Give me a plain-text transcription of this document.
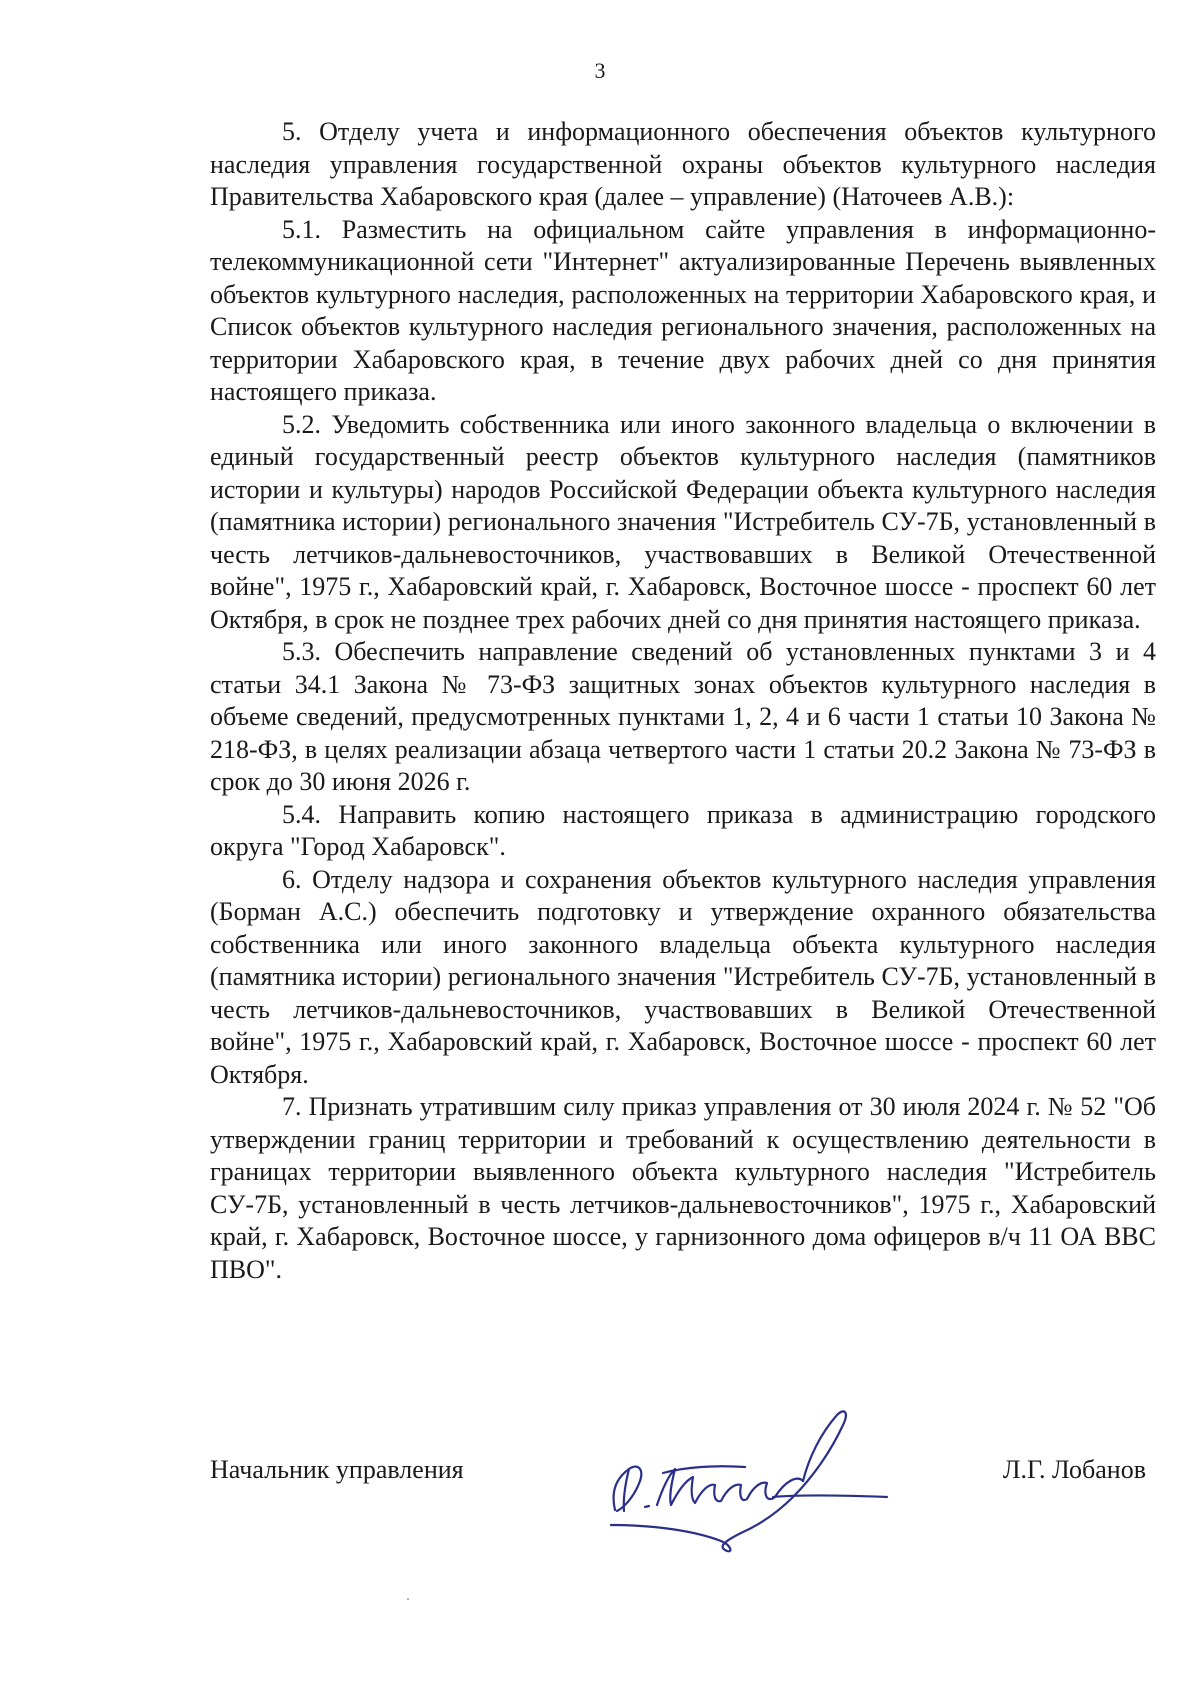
3

5. Отделу учета и информационного обеспечения объектов культурного наследия управления государственной охраны объектов культурного наследия Правительства Хабаровского края (далее – управление) (Наточеев А.В.):

5.1. Разместить на официальном сайте управления в информационно-телекоммуникационной сети "Интернет" актуализированные Перечень выявленных объектов культурного наследия, расположенных на территории Хабаровского края, и Список объектов культурного наследия регионального значения, расположенных на территории Хабаровского края, в течение двух рабочих дней со дня принятия настоящего приказа.

5.2. Уведомить собственника или иного законного владельца о включении в единый государственный реестр объектов культурного наследия (памятников истории и культуры) народов Российской Федерации объекта культурного наследия (памятника истории) регионального значения "Истребитель СУ-7Б, установленный в честь летчиков-дальневосточников, участвовавших в Великой Отечественной войне", 1975 г., Хабаровский край, г. Хабаровск, Восточное шоссе - проспект 60 лет Октября, в срок не позднее трех рабочих дней со дня принятия настоящего приказа.

5.3. Обеспечить направление сведений об установленных пунктами 3 и 4 статьи 34.1 Закона № 73-ФЗ защитных зонах объектов культурного наследия в объеме сведений, предусмотренных пунктами 1, 2, 4 и 6 части 1 статьи 10 Закона № 218-ФЗ, в целях реализации абзаца четвертого части 1 статьи 20.2 Закона № 73-ФЗ в срок до 30 июня 2026 г.

5.4. Направить копию настоящего приказа в администрацию городского округа "Город Хабаровск".

6. Отделу надзора и сохранения объектов культурного наследия управления (Борман А.С.) обеспечить подготовку и утверждение охранного обязательства собственника или иного законного владельца объекта культурного наследия (памятника истории) регионального значения "Истребитель СУ-7Б, установленный в честь летчиков-дальневосточников, участвовавших в Великой Отечественной войне", 1975 г., Хабаровский край, г. Хабаровск, Восточное шоссе - проспект 60 лет Октября.

7. Признать утратившим силу приказ управления от 30 июля 2024 г. № 52 "Об утверждении границ территории и требований к осуществлению деятельности в границах территории выявленного объекта культурного наследия "Истребитель СУ-7Б, установленный в честь летчиков-дальневосточников", 1975 г., Хабаровский край, г. Хабаровск, Восточное шоссе, у гарнизонного дома офицеров в/ч 11 ОА ВВС ПВО".

Начальник управления	Л.Г. Лобанов
